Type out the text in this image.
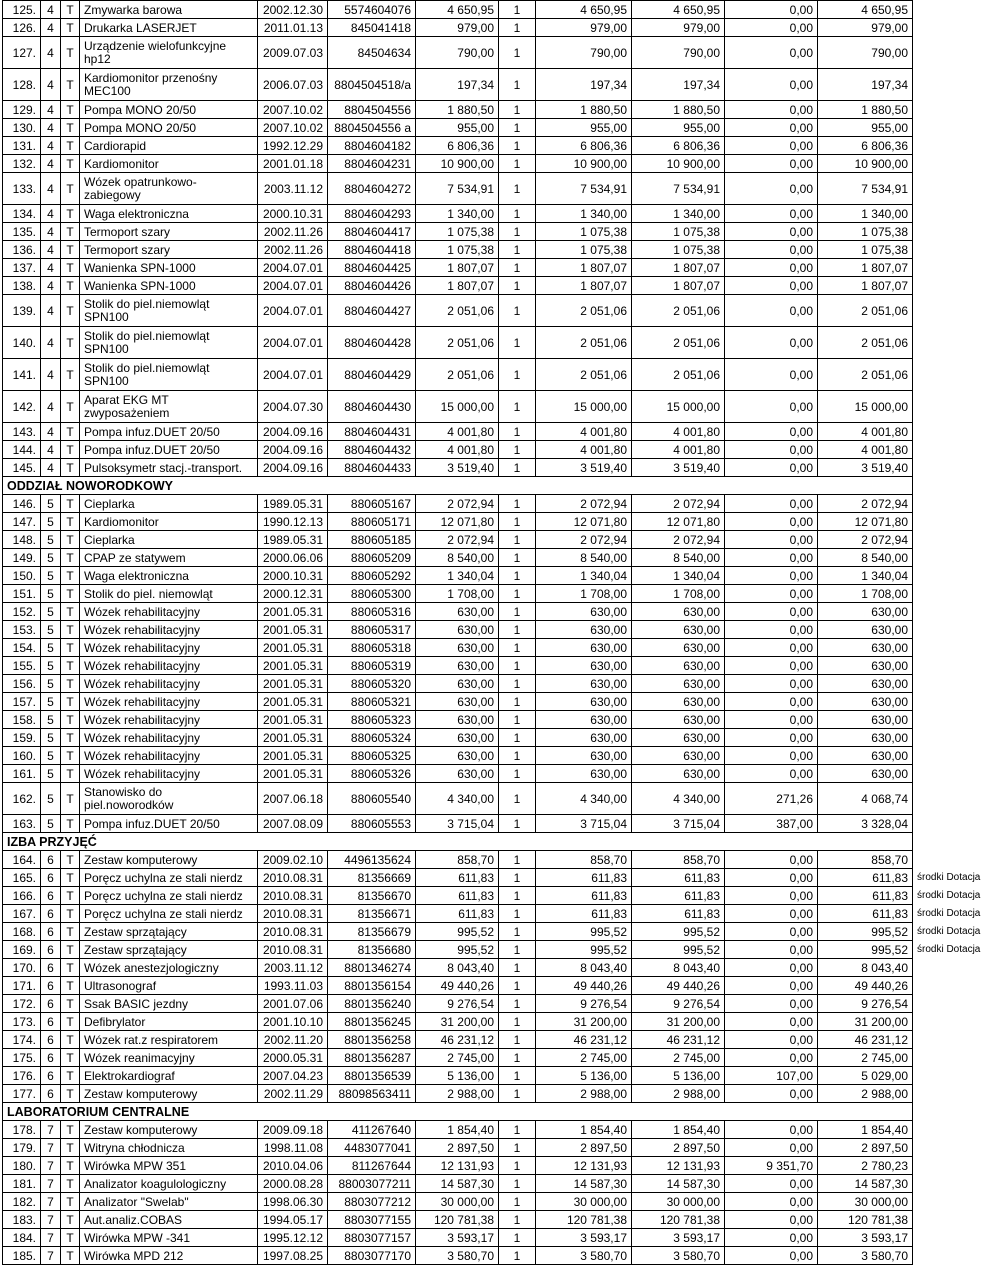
125.	4	T	Zmywarka barowa	2002.12.30	5574604076	4 650,95	1	4 650,95	4 650,95	0,00	4 650,95	
126.	4	T	Drukarka LASERJET	2011.01.13	845041418	979,00	1	979,00	979,00	0,00	979,00	
127.	4	T	Urządzenie wielofunkcyjne hp12	2009.07.03	84504634	790,00	1	790,00	790,00	0,00	790,00	
128.	4	T	Kardiomonitor przenośny MEC100	2006.07.03	8804504518/a	197,34	1	197,34	197,34	0,00	197,34	
129.	4	T	Pompa MONO 20/50	2007.10.02	8804504556	1 880,50	1	1 880,50	1 880,50	0,00	1 880,50	
130.	4	T	Pompa MONO 20/50	2007.10.02	8804504556 a	955,00	1	955,00	955,00	0,00	955,00	
131.	4	T	Cardiorapid	1992.12.29	8804604182	6 806,36	1	6 806,36	6 806,36	0,00	6 806,36	
132.	4	T	Kardiomonitor	2001.01.18	8804604231	10 900,00	1	10 900,00	10 900,00	0,00	10 900,00	
133.	4	T	Wózek opatrunkowo- zabiegowy	2003.11.12	8804604272	7 534,91	1	7 534,91	7 534,91	0,00	7 534,91	
134.	4	T	Waga elektroniczna	2000.10.31	8804604293	1 340,00	1	1 340,00	1 340,00	0,00	1 340,00	
135.	4	T	Termoport szary	2002.11.26	8804604417	1 075,38	1	1 075,38	1 075,38	0,00	1 075,38	
136.	4	T	Termoport szary	2002.11.26	8804604418	1 075,38	1	1 075,38	1 075,38	0,00	1 075,38	
137.	4	T	Wanienka SPN-1000	2004.07.01	8804604425	1 807,07	1	1 807,07	1 807,07	0,00	1 807,07	
138.	4	T	Wanienka SPN-1000	2004.07.01	8804604426	1 807,07	1	1 807,07	1 807,07	0,00	1 807,07	
139.	4	T	Stolik do piel.niemowląt SPN100	2004.07.01	8804604427	2 051,06	1	2 051,06	2 051,06	0,00	2 051,06	
140.	4	T	Stolik do piel.niemowląt SPN100	2004.07.01	8804604428	2 051,06	1	2 051,06	2 051,06	0,00	2 051,06	
141.	4	T	Stolik do piel.niemowląt SPN100	2004.07.01	8804604429	2 051,06	1	2 051,06	2 051,06	0,00	2 051,06	
142.	4	T	Aparat EKG MT zwyposażeniem	2004.07.30	8804604430	15 000,00	1	15 000,00	15 000,00	0,00	15 000,00	
143.	4	T	Pompa infuz.DUET 20/50	2004.09.16	8804604431	4 001,80	1	4 001,80	4 001,80	0,00	4 001,80	
144.	4	T	Pompa infuz.DUET 20/50	2004.09.16	8804604432	4 001,80	1	4 001,80	4 001,80	0,00	4 001,80	
145.	4	T	Pulsoksymetr stacj.-transport.	2004.09.16	8804604433	3 519,40	1	3 519,40	3 519,40	0,00	3 519,40	
ODDZIAŁ NOWORODKOWY												
146.	5	T	Cieplarka	1989.05.31	880605167	2 072,94	1	2 072,94	2 072,94	0,00	2 072,94	
147.	5	T	Kardiomonitor	1990.12.13	880605171	12 071,80	1	12 071,80	12 071,80	0,00	12 071,80	
148.	5	T	Cieplarka	1989.05.31	880605185	2 072,94	1	2 072,94	2 072,94	0,00	2 072,94	
149.	5	T	CPAP ze statywem	2000.06.06	880605209	8 540,00	1	8 540,00	8 540,00	0,00	8 540,00	
150.	5	T	Waga elektroniczna	2000.10.31	880605292	1 340,04	1	1 340,04	1 340,04	0,00	1 340,04	
151.	5	T	Stolik do piel. niemowląt	2000.12.31	880605300	1 708,00	1	1 708,00	1 708,00	0,00	1 708,00	
152.	5	T	Wózek rehabilitacyjny	2001.05.31	880605316	630,00	1	630,00	630,00	0,00	630,00	
153.	5	T	Wózek rehabilitacyjny	2001.05.31	880605317	630,00	1	630,00	630,00	0,00	630,00	
154.	5	T	Wózek rehabilitacyjny	2001.05.31	880605318	630,00	1	630,00	630,00	0,00	630,00	
155.	5	T	Wózek rehabilitacyjny	2001.05.31	880605319	630,00	1	630,00	630,00	0,00	630,00	
156.	5	T	Wózek rehabilitacyjny	2001.05.31	880605320	630,00	1	630,00	630,00	0,00	630,00	
157.	5	T	Wózek rehabilitacyjny	2001.05.31	880605321	630,00	1	630,00	630,00	0,00	630,00	
158.	5	T	Wózek rehabilitacyjny	2001.05.31	880605323	630,00	1	630,00	630,00	0,00	630,00	
159.	5	T	Wózek rehabilitacyjny	2001.05.31	880605324	630,00	1	630,00	630,00	0,00	630,00	
160.	5	T	Wózek rehabilitacyjny	2001.05.31	880605325	630,00	1	630,00	630,00	0,00	630,00	
161.	5	T	Wózek rehabilitacyjny	2001.05.31	880605326	630,00	1	630,00	630,00	0,00	630,00	
162.	5	T	Stanowisko do piel.noworodków	2007.06.18	880605540	4 340,00	1	4 340,00	4 340,00	271,26	4 068,74	
163.	5	T	Pompa infuz.DUET 20/50	2007.08.09	880605553	3 715,04	1	3 715,04	3 715,04	387,00	3 328,04	
IZBA PRZYJĘĆ												
164.	6	T	Zestaw komputerowy	2009.02.10	4496135624	858,70	1	858,70	858,70	0,00	858,70	
165.	6	T	Poręcz uchylna ze stali nierdz	2010.08.31	81356669	611,83	1	611,83	611,83	0,00	611,83	środki Dotacja
166.	6	T	Poręcz uchylna ze stali nierdz	2010.08.31	81356670	611,83	1	611,83	611,83	0,00	611,83	środki Dotacja
167.	6	T	Poręcz uchylna ze stali nierdz	2010.08.31	81356671	611,83	1	611,83	611,83	0,00	611,83	środki Dotacja
168.	6	T	Zestaw sprzątający	2010.08.31	81356679	995,52	1	995,52	995,52	0,00	995,52	środki Dotacja
169.	6	T	Zestaw sprzątający	2010.08.31	81356680	995,52	1	995,52	995,52	0,00	995,52	środki Dotacja
170.	6	T	Wózek anestezjologiczny	2003.11.12	8801346274	8 043,40	1	8 043,40	8 043,40	0,00	8 043,40	
171.	6	T	Ultrasonograf	1993.11.03	8801356154	49 440,26	1	49 440,26	49 440,26	0,00	49 440,26	
172.	6	T	Ssak BASIC jezdny	2001.07.06	8801356240	9 276,54	1	9 276,54	9 276,54	0,00	9 276,54	
173.	6	T	Defibrylator	2001.10.10	8801356245	31 200,00	1	31 200,00	31 200,00	0,00	31 200,00	
174.	6	T	Wózek rat.z respiratorem	2002.11.20	8801356258	46 231,12	1	46 231,12	46 231,12	0,00	46 231,12	
175.	6	T	Wózek reanimacyjny	2000.05.31	8801356287	2 745,00	1	2 745,00	2 745,00	0,00	2 745,00	
176.	6	T	Elektrokardiograf	2007.04.23	8801356539	5 136,00	1	5 136,00	5 136,00	107,00	5 029,00	
177.	6	T	Zestaw komputerowy	2002.11.29	88098563411	2 988,00	1	2 988,00	2 988,00	0,00	2 988,00	
LABORATORIUM CENTRALNE												
178.	7	T	Zestaw komputerowy	2009.09.18	411267640	1 854,40	1	1 854,40	1 854,40	0,00	1 854,40	
179.	7	T	Witryna chłodnicza	1998.11.08	4483077041	2 897,50	1	2 897,50	2 897,50	0,00	2 897,50	
180.	7	T	Wirówka MPW 351	2010.04.06	811267644	12 131,93	1	12 131,93	12 131,93	9 351,70	2 780,23	
181.	7	T	Analizator koagulologiczny	2000.08.28	88003077211	14 587,30	1	14 587,30	14 587,30	0,00	14 587,30	
182.	7	T	Analizator "Swelab"	1998.06.30	8803077212	30 000,00	1	30 000,00	30 000,00	0,00	30 000,00	
183.	7	T	Aut.analiz.COBAS	1994.05.17	8803077155	120 781,38	1	120 781,38	120 781,38	0,00	120 781,38	
184.	7	T	Wirówka MPW -341	1995.12.12	8803077157	3 593,17	1	3 593,17	3 593,17	0,00	3 593,17	
185.	7	T	Wirówka MPD 212	1997.08.25	8803077170	3 580,70	1	3 580,70	3 580,70	0,00	3 580,70	
